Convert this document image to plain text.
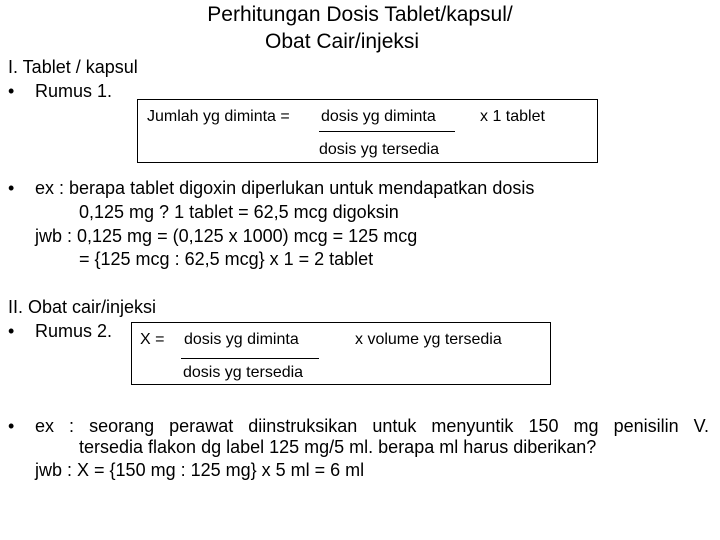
Perhitungan Dosis Tablet/kapsul/
Obat Cair/injeksi
I. Tablet / kapsul
• Rumus 1.
Jumlah yg diminta = dosis yg diminta	x 1 tablet
dosis yg tersedia
• ex : berapa tablet digoxin diperlukan untuk mendapatkan dosis
0,125 mg ? 1 tablet = 62,5 mcg digoksin
jwb : 0,125 mg = (0,125 x 1000) mcg = 125 mcg
= {125 mcg : 62,5 mcg} x 1 = 2 tablet
II. Obat cair/injeksi
• Rumus 2. X = dosis yg diminta	x volume yg tersedia
dosis yg tersedia
• ex : seorang perawat diinstruksikan untuk menyuntik 150 mg penisilin V.
tersedia flakon dg label 125 mg/5 ml. berapa ml harus diberikan?
jwb : X = {150 mg : 125 mg} x 5 ml = 6 ml
